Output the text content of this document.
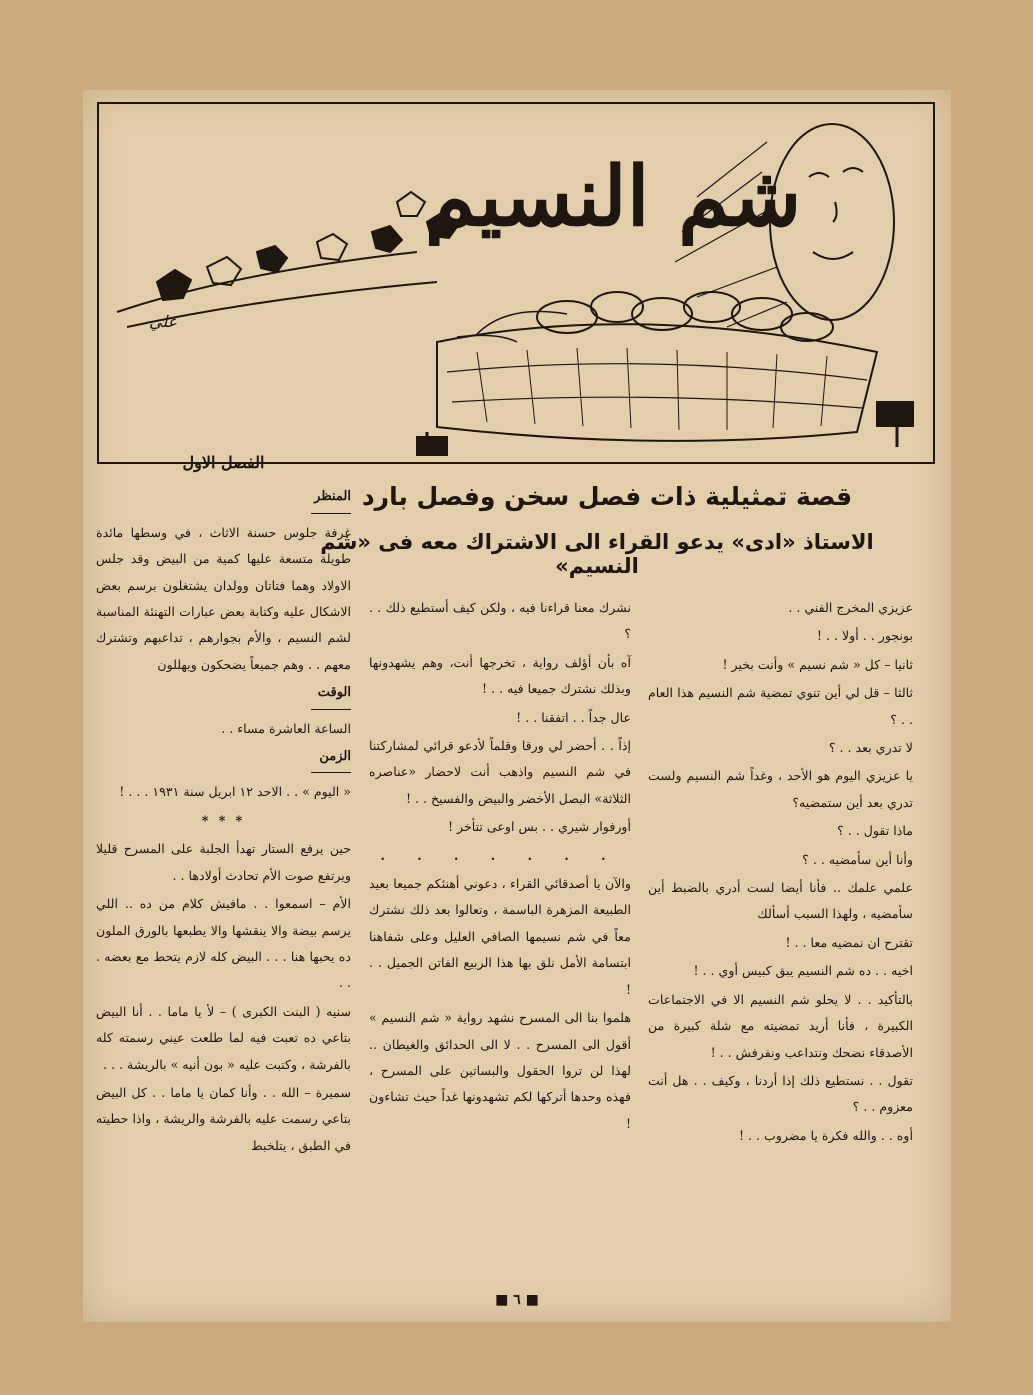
علي
شم النسيم
قصة تمثيلية ذات فصل سخن وفصل بارد
الاستاذ «ادى» يدعو القراء الى الاشتراك معه فى «شم النسيم»

عزيزي المخرج الفني . .

بونجور . . أولا . . !

ثانيا – كل « شم نسيم » وأنت بخير !

ثالثا – قل لي أين تنوي تمضية شم النسيم هذا العام . . ؟

لا تدري بعد . . ؟

يا عزيزي اليوم هو الأحد ، وغداً شم النسيم ولست تدري بعد أين ستمضيه؟

ماذا تقول . . ؟

وأنا أين سأمضيه . . ؟

علمي علمك .. فأنا أيضا لست أدري بالضبط أين سأمضيه ، ولهذا السبب أسألك

تقترح ان نمضيه معا . . !

اخيه . . ده شم النسيم يبق كبيس أوي . . !

بالتأكيد . . لا يحلو شم النسيم الا في الاجتماعات الكبيرة ، فأنا أريد تمضيته مع شلة كبيرة من الأصدقاء نضحك ونتداعب ونفرفش . . !

تقول . . نستطيع ذلك إذا أردنا ، وكيف . . هل أنت معزوم . . ؟

أوه . . والله فكرة يا مضروب . . !

نشرك معنا قراءنا فيه ، ولكن كيف أستطيع ذلك . . ؟

آه بأن أؤلف رواية ، تخرجها أنت، وهم يشهدونها وبذلك نشترك جميعا فيه . . !

عال جداً . . اتفقنا . . !

إذاً . . أحضر لي ورقا وقلماً لأدعو قرائي لمشاركتنا في شم النسيم واذهب أنت لاحضار «عناصره الثلاثة» البصل الأخضر والبيض والفسيخ . . !

أورفوار شيري . . بس اوعى تتأخر !

. . . . . . .

والآن يا أصدقائي القراء ، دعوني أهنئكم جميعا بعيد الطبيعة المزهرة الباسمة ، وتعالوا بعد ذلك نشترك معاً في شم نسيمها الصافي العليل وعلى شفاهنا ابتسامة الأمل نلق بها هذا الربيع الفاتن الجميل . . !

هلموا بنا الى المسرح نشهد رواية « شم النسيم » أقول الى المسرح . . لا الى الحدائق والغيطان .. لهذا لن تروا الحقول والبساتين على المسرح ، فهذه وحدها أتركها لكم تشهدونها غداً حيث تشاءون !

الفصل الاول
المنظر

غرفة جلوس حسنة الاثاث ، في وسطها مائدة طويلة متسعة عليها كمية من البيض وقد جلس الاولاد وهما فتاتان وولدان يشتغلون برسم بعض الاشكال عليه وكتابة بعض عبارات التهنئة المناسبة لشم النسيم ، والأم بجوارهم ، تداعبهم وتشترك معهم . . وهم جميعاً يضحكون ويهللون

الوقت

الساعة العاشرة مساء . .

الزمن

« اليوم » . . الاحد ١٢ ابريل سنة ١٩٣١ . . . !

* * *

حين يرفع الستار تهدأ الجلبة على المسرح قليلا ويرتفع صوت الأم تحادث أولادها . .

الأم – اسمعوا . . مافيش كلام من ده .. اللي يرسم بيضة والا ينقشها والا يطبعها بالورق الملون ده يحبها هنا . . . البيض كله لازم يتحط مع بعضه . . .

سنيه ( البنت الكبرى ) – لأ يا ماما . . أنا البيض بتاعي ده تعبت فيه لما طلعت عيني رسمته كله بالفرشة ، وكتبت عليه « بون أنيه » بالريشة . . .

سميرة – الله . . وأنا كمان يا ماما . . كل البيض بتاعي رسمت عليه بالفرشة والريشة ، واذا حطيته في الطبق ، يتلخبط

■ ٦ ■
